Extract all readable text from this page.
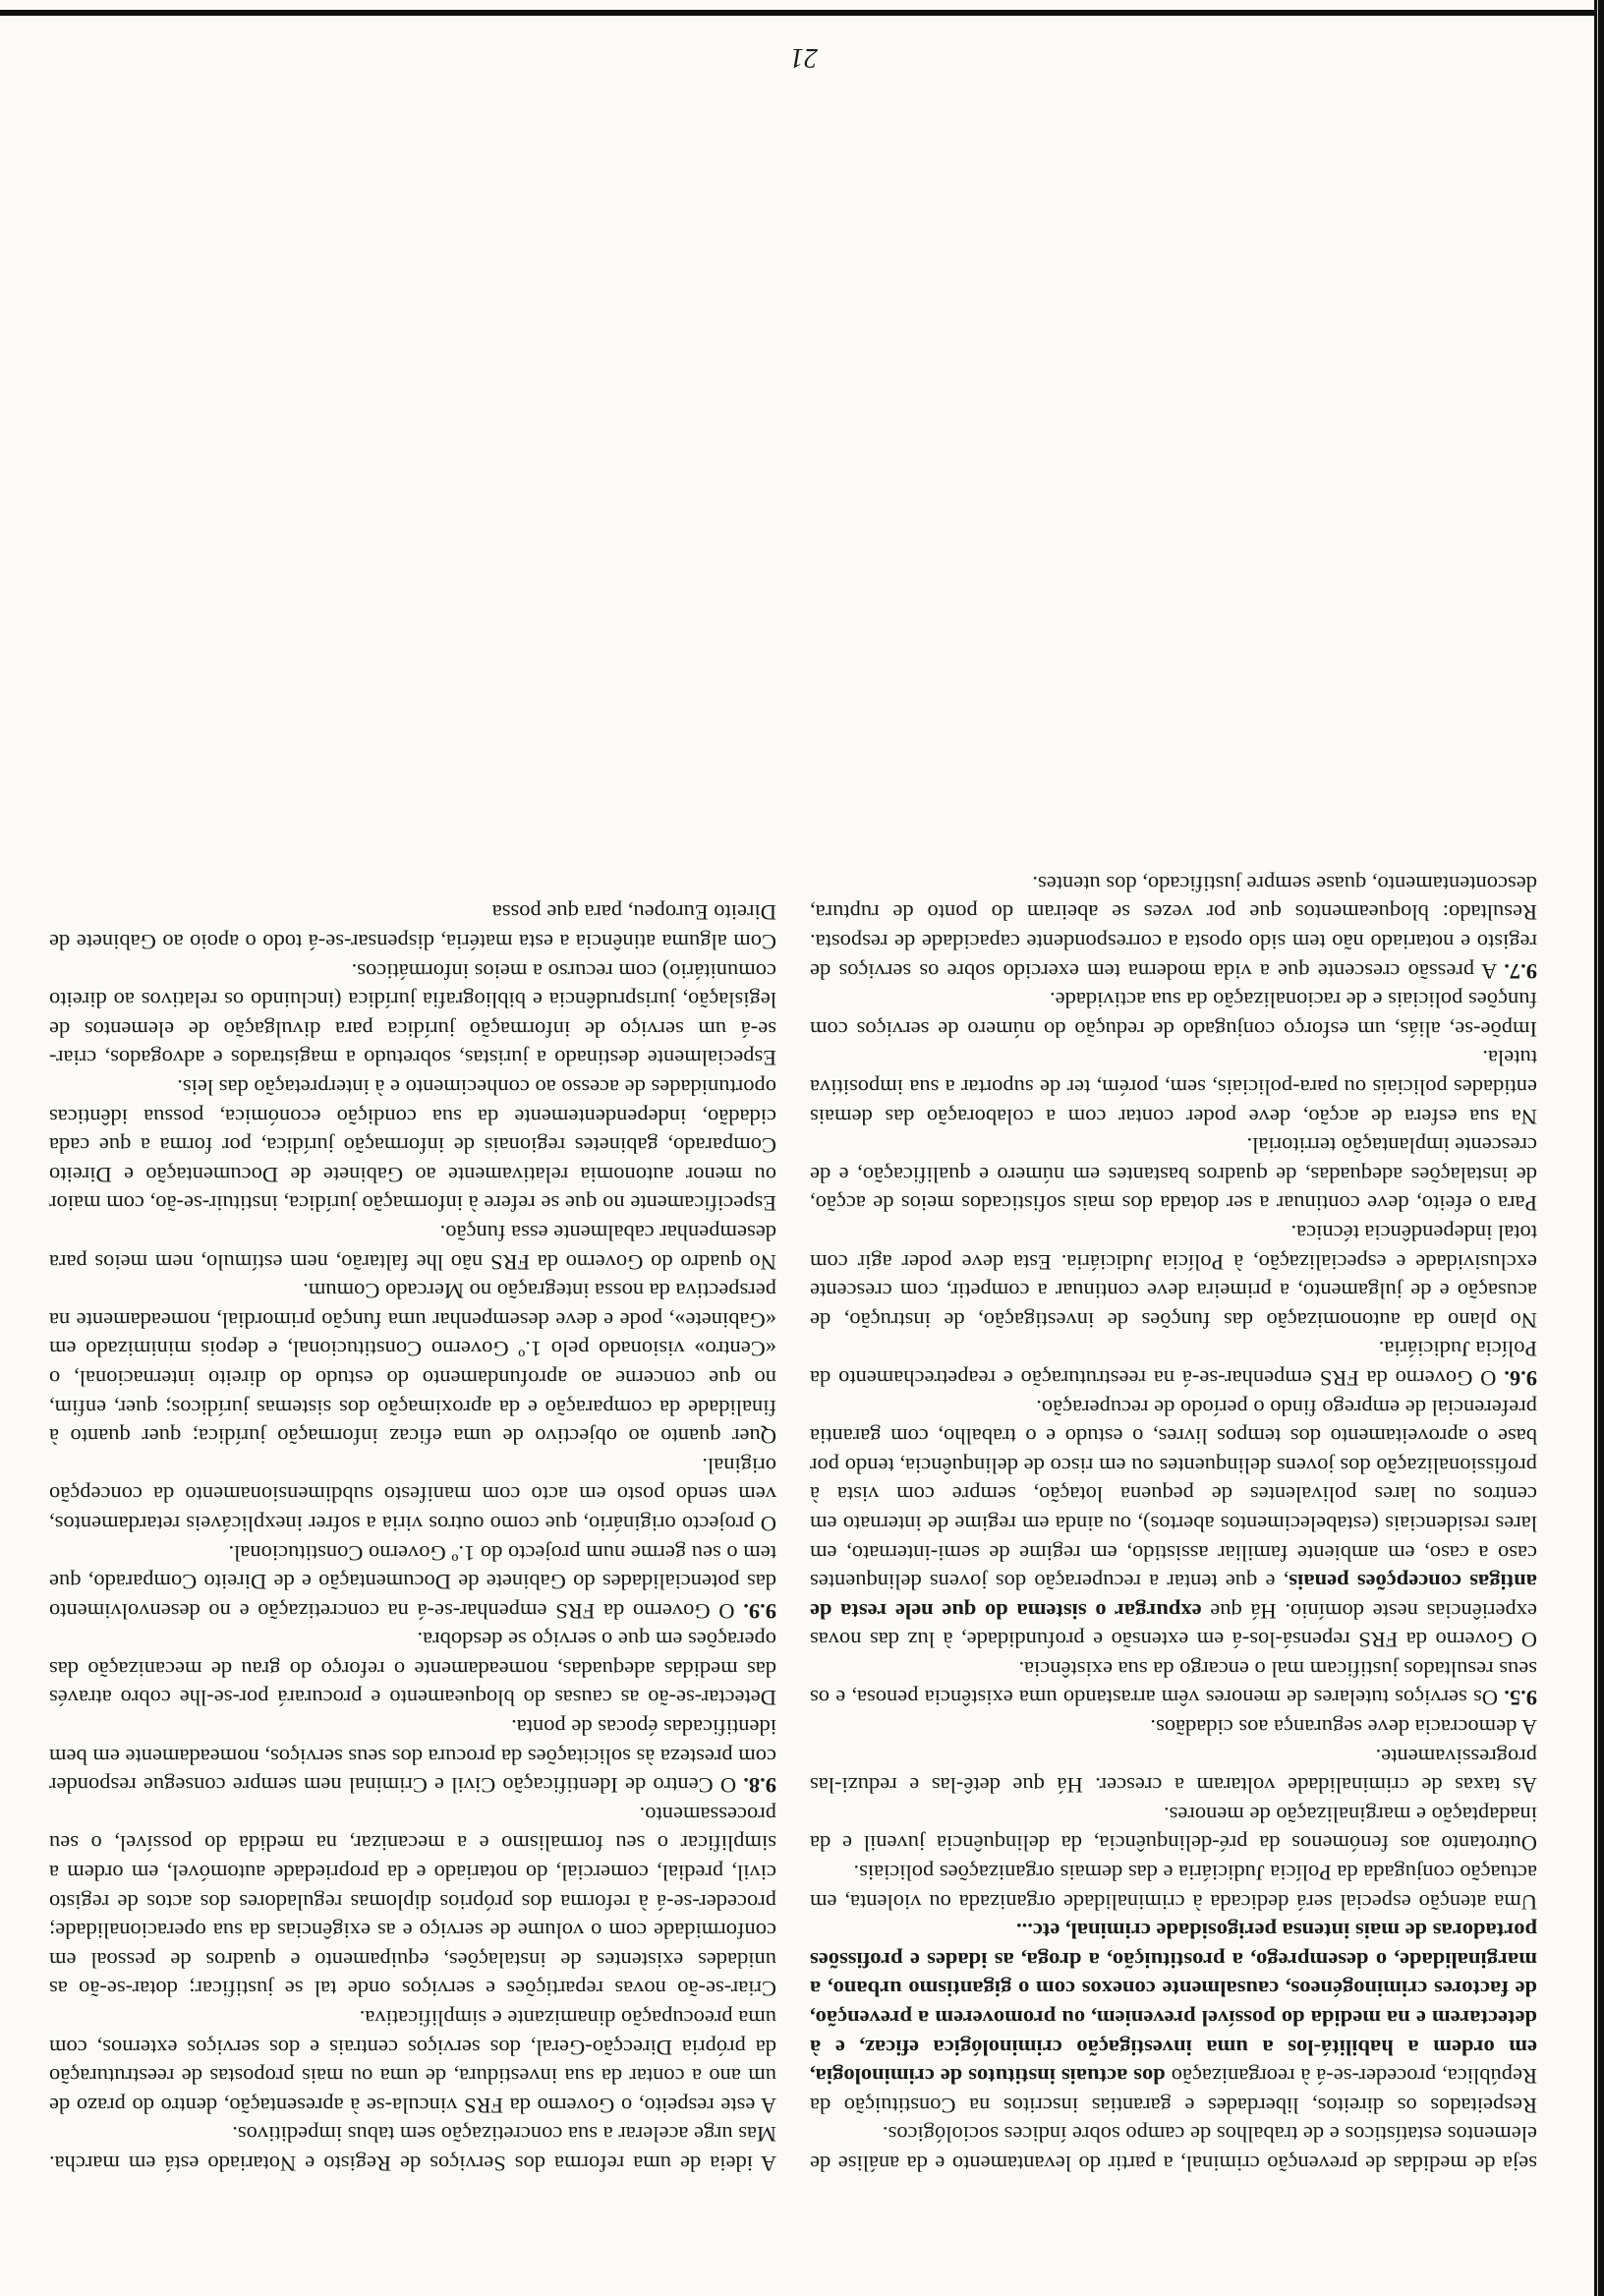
seja de medidas de prevenção criminal, a partir do levantamento e da análise de elementos estatísticos e de trabalhos de campo sobre índices sociológicos.

Respeitados os direitos, liberdades e garantias inscritos na Constituição da República, proceder-se-á à reorganização dos actuais institutos de criminologia, em ordem a habilitá-los a uma investigação criminológica eficaz, e à detectarem e na medida do possível preveniem, ou promoverem a prevenção, de factores criminogéneos, causalmente conexos com o gigantismo urbano, a marginalidade, o desemprego, a prostituição, a droga, as idades e profissões portadoras de mais intensa perigosidade criminal, etc...

Uma atenção especial será dedicada à criminalidade organizada ou violenta, em actuação conjugada da Polícia Judiciária e das demais organizações policiais.

Outrotanto aos fenómenos da pré-delinquência, da delinquência juvenil e da inadaptação e marginalização de menores.

As taxas de criminalidade voltaram a crescer. Há que detê-las e reduzi-las progressivamente.

A democracia deve segurança aos cidadãos.

9.5. Os serviços tutelares de menores vêm arrastando uma existência penosa, e os seus resultados justificam mal o encargo da sua existência.

O Governo da FRS repensá-los-á em extensão e profundidade, à luz das novas experiências neste domínio. Há que expurgar o sistema do que nele resta de antigas concepções penais, e que tentar a recuperação dos jovens delinquentes caso a caso, em ambiente familiar assistido, em regime de semi-internato, em lares residenciais (estabelecimentos abertos), ou ainda em regime de internato em centros ou lares polivalentes de pequena lotação, sempre com vista à profissionalização dos jovens delinquentes ou em risco de delinquência, tendo por base o aproveitamento dos tempos livres, o estudo e o trabalho, com garantia preferencial de emprego findo o período de recuperação.

9.6. O Governo da FRS empenhar-se-á na reestruturação e reapetrechamento da Polícia Judiciária.

No plano da autonomização das funções de investigação, de instrução, de acusação e de julgamento, a primeira deve continuar a competir, com crescente exclusividade e especialização, à Polícia Judiciária. Esta deve poder agir com total independência técnica.

Para o efeito, deve continuar a ser dotada dos mais sofisticados meios de acção, de instalações adequadas, de quadros bastantes em número e qualificação, e de crescente implantação territorial.

Na sua esfera de acção, deve poder contar com a colaboração das demais entidades policiais ou para-policiais, sem, porém, ter de suportar a sua impositiva tutela.

Impõe-se, aliás, um esforço conjugado de redução do número de serviços com funções policiais e de racionalização da sua actividade.

9.7. A pressão crescente que a vida moderna tem exercido sobre os serviços de registo e notariado não tem sido oposta a correspondente capacidade de resposta. Resultado: bloqueamentos que por vezes se abeiram do ponto de ruptura, descontentamento, quase sempre justificado, dos utentes.

A ideia de uma reforma dos Serviços de Registo e Notariado está em marcha. Mas urge acelerar a sua concretização sem tabus impeditivos.

A este respeito, o Governo da FRS vincula-se à apresentação, dentro do prazo de um ano a contar da sua investidura, de uma ou mais propostas de reestruturação da própria Direcção-Geral, dos serviços centrais e dos serviços externos, com uma preocupação dinamizante e simplificativa.

Criar-se-ão novas repartições e serviços onde tal se justificar; dotar-se-ão as unidades existentes de instalações, equipamento e quadros de pessoal em conformidade com o volume de serviço e as exigências da sua operacionalidade; proceder-se-á à reforma dos próprios diplomas reguladores dos actos de registo civil, predial, comercial, do notariado e da propriedade automóvel, em ordem a simplificar o seu formalismo e a mecanizar, na medida do possível, o seu processamento.

9.8. O Centro de Identificação Civil e Criminal nem sempre consegue responder com presteza às solicitações da procura dos seus serviços, nomeadamente em bem identificadas épocas de ponta.

Detectar-se-ão as causas do bloqueamento e procurará por-se-lhe cobro através das medidas adequadas, nomeadamente o reforço do grau de mecanização das operações em que o serviço se desdobra.

9.9. O Governo da FRS empenhar-se-á na concretização e no desenvolvimento das potencialidades do Gabinete de Documentação e de Direito Comparado, que tem o seu germe num projecto do 1.º Governo Constitucional.

O projecto originário, que como outros viria a sofrer inexplicáveis retardamentos, vem sendo posto em acto com manifesto subdimensionamento da concepção original.

Quer quanto ao objectivo de uma eficaz informação jurídica; quer quanto à finalidade da comparação e da aproximação dos sistemas jurídicos; quer, enfim, no que concerne ao aprofundamento do estudo do direito internacional, o «Centro» visionado pelo 1.º Governo Constitucional, e depois minimizado em «Gabinete», pode e deve desempenhar uma função primordial, nomeadamente na perspectiva da nossa integração no Mercado Comum.

No quadro do Governo da FRS não lhe faltarão, nem estímulo, nem meios para desempenhar cabalmente essa função.

Especificamente no que se refere à informação jurídica, instituir-se-ão, com maior ou menor autonomia relativamente ao Gabinete de Documentação e Direito Comparado, gabinetes regionais de informação jurídica, por forma a que cada cidadão, independentemente da sua condição económica, possua idênticas oportunidades de acesso ao conhecimento e à interpretação das leis.

Especialmente destinado a juristas, sobretudo a magistrados e advogados, criar-se-á um serviço de informação jurídica para divulgação de elementos de legislação, jurisprudência e bibliografia jurídica (incluindo os relativos ao direito comunitário) com recurso a meios informáticos.

Com alguma atinência a esta matéria, dispensar-se-á todo o apoio ao Gabinete de Direito Europeu, para que possa

21
